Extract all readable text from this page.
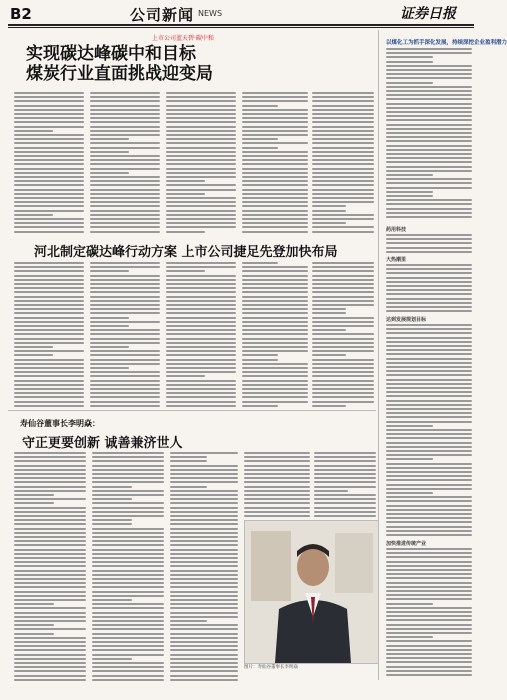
B2	公司新闻 NEWS	证券日报
上市公司蓝天碧·碳中和
实现碳达峰碳中和目标
煤炭行业直面挑战迎变局
河北制定碳达峰行动方案 上市公司捷足先登加快布局
寿仙谷董事长李明焱：
守正更要创新 诚善兼济世人
图片：寿仙谷董事长李明焱
以煤化工为抓手深化发展，持续深挖企业盈利潜力
达到发展规划目标
加快推进传统产业
大热潮里
药用科技
